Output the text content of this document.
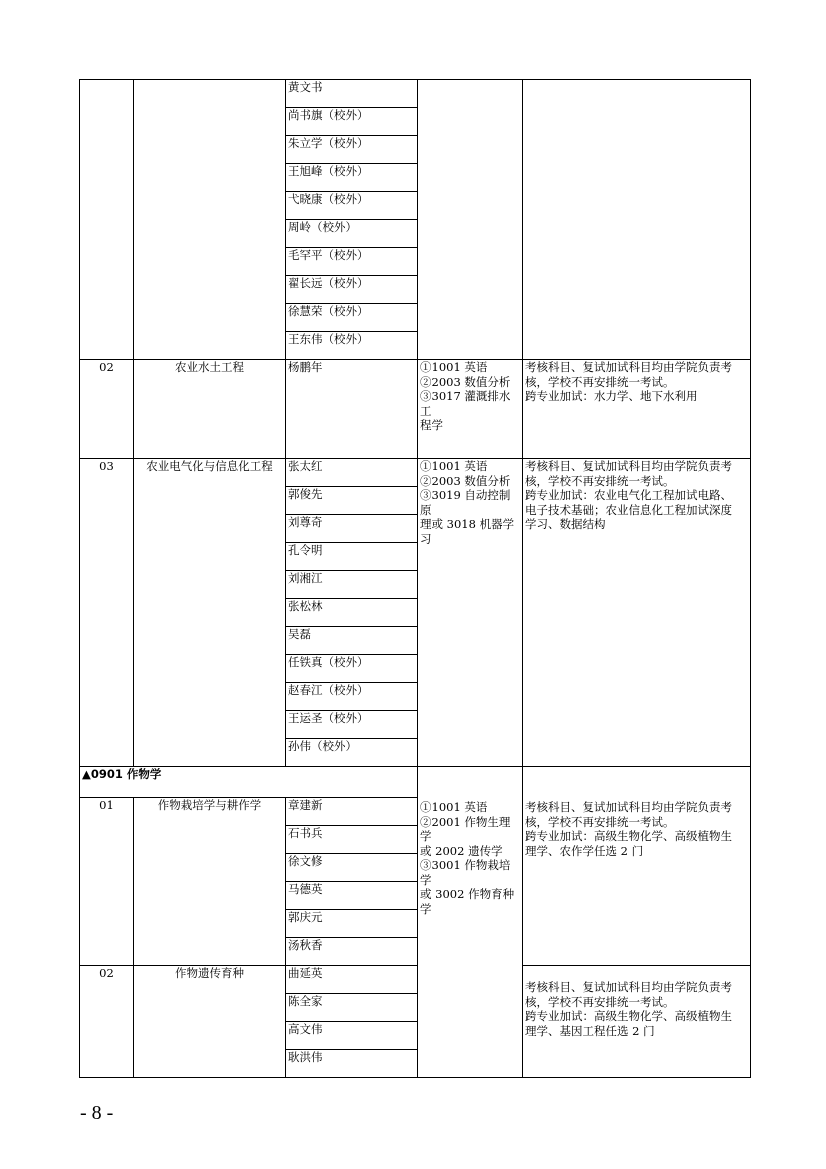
		黄文书		
		尚书旗（校外）		
		朱立学（校外）		
		王旭峰（校外）		
		弋晓康（校外）		
		周岭（校外）		
		毛罕平（校外）		
		翟长远（校外）		
		徐慧荣（校外）		
		王东伟（校外）		
02	农业水土工程	杨鹏年	①1001 英语
②2003 数值分析
③3017 灌溉排水工
程学	考核科目、复试加试科目均由学院负责考
核，学校不再安排统一考试。
跨专业加试：水力学、地下水利用

03	农业电气化与信息化工程	张太红	①1001 英语
②2003 数值分析
③3019 自动控制原
理或 3018 机器学习	考核科目、复试加试科目均由学院负责考
核，学校不再安排统一考试。
跨专业加试：农业电气化工程加试电路、
电子技术基础；农业信息化工程加试深度
学习、数据结构

		郭俊先		
		刘尊奇		
		孔令明		
		刘湘江		
		张松林		
		吴磊		
		任铁真（校外）		
		赵春江（校外）		
		王运圣（校外）		
		孙伟（校外）		
▲0901 作物学			①1001 英语
②2001 作物生理学
或 2002 遗传学
③3001 作物栽培学
或 3002 作物育种学	考核科目、复试加试科目均由学院负责考
核，学校不再安排统一考试。
跨专业加试：高级生物化学、高级植物生
理学、农作学任选 2 门

01	作物栽培学与耕作学	章建新		
		石书兵		
		徐文修		
		马德英		
		郭庆元		
		汤秋香		
02	作物遗传育种	曲延英		考核科目、复试加试科目均由学院负责考
核，学校不再安排统一考试。
跨专业加试：高级生物化学、高级植物生
理学、基因工程任选 2 门

		陈全家		
		高文伟		
		耿洪伟		
- 8 -
